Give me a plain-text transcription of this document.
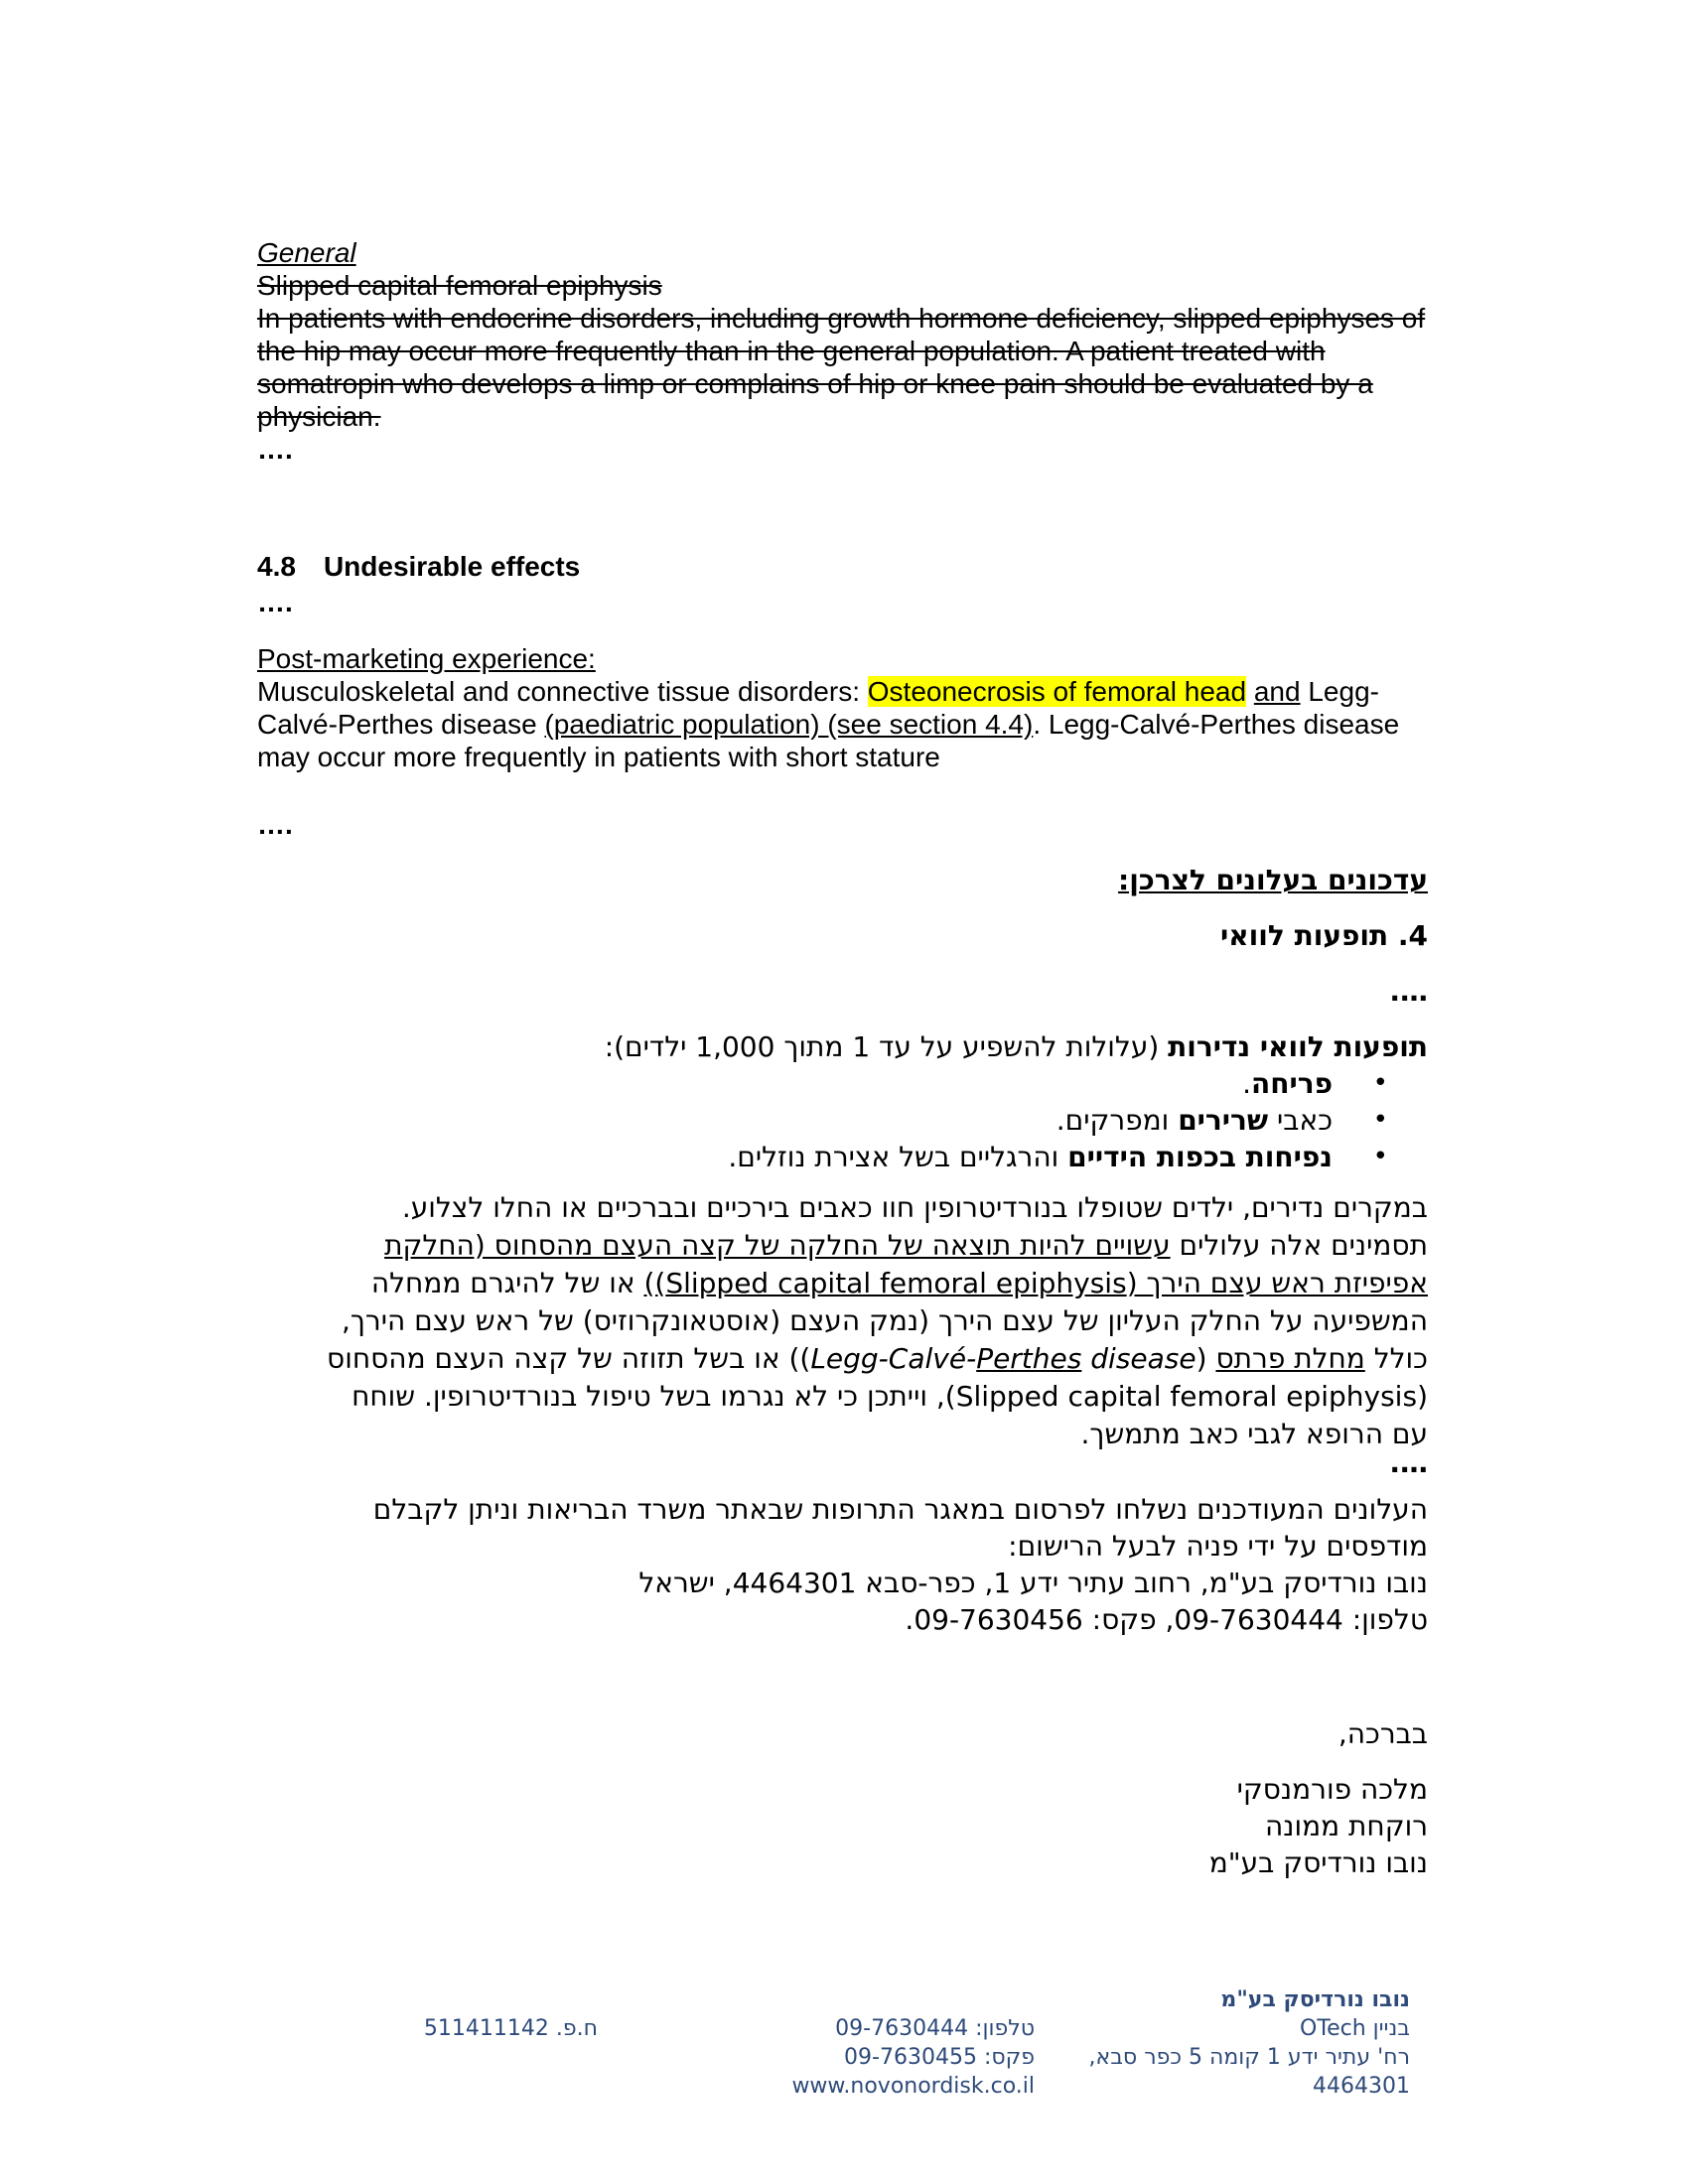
General
Slipped capital femoral epiphysis
In patients with endocrine disorders, including growth hormone deficiency, slipped epiphyses of the hip may occur more frequently than in the general population. A patient treated with somatropin who develops a limp or complains of hip or knee pain should be evaluated by a physician.
….
4.8 Undesirable effects
….
Post-marketing experience:
Musculoskeletal and connective tissue disorders: Osteonecrosis of femoral head and Legg-Calvé-Perthes disease (paediatric population) (see section 4.4). Legg-Calvé-Perthes disease may occur more frequently in patients with short stature
….
עדכונים בעלונים לצרכן:
4. תופעות לוואי
….
תופעות לוואי נדירות (עלולות להשפיע על עד 1 מתוך 1,000 ילדים):
• פריחה.
• כאבי שרירים ומפרקים.
• נפיחות בכפות הידיים והרגליים בשל אצירת נוזלים.
במקרים נדירים, ילדים שטופלו בנורדיטרופין חוו כאבים בירכיים ובברכיים או החלו לצלוע. תסמינים אלה עלולים עשויים להיות תוצאה של החלקה של קצה העצם מהסחוס (החלקת אפיפיזת ראש עצם הירך (Slipped capital femoral epiphysis)) או של להיגרם ממחלה המשפיעה על החלק העליון של עצם הירך (נמק העצם (אוסטאונקרוזיס) של ראש עצם הירך, כולל מחלת פרתס (Legg-Calvé-Perthes disease)) או בשל תזוזה של קצה העצם מהסחוס (Slipped capital femoral epiphysis), וייתכן כי לא נגרמו בשל טיפול בנורדיטרופין. שוחח עם הרופא לגבי כאב מתמשך.
….
העלונים המעודכנים נשלחו לפרסום במאגר התרופות שבאתר משרד הבריאות וניתן לקבלם מודפסים על ידי פניה לבעל הרישום:
נובו נורדיסק בע"מ, רחוב עתיר ידע 1, כפר-סבא 4464301, ישראל
טלפון: 09-7630444, פקס: 09-7630456.
בברכה,
מלכה פורמנסקי
רוקחת ממונה
נובו נורדיסק בע"מ
נובו נורדיסק בע"מ
בניין OTech
רח' עתיר ידע 1 קומה 5 כפר סבא,
4464301
טלפון: 09-7630444
פקס: 09-7630455
www.novonordisk.co.il
ח.פ. 511411142
